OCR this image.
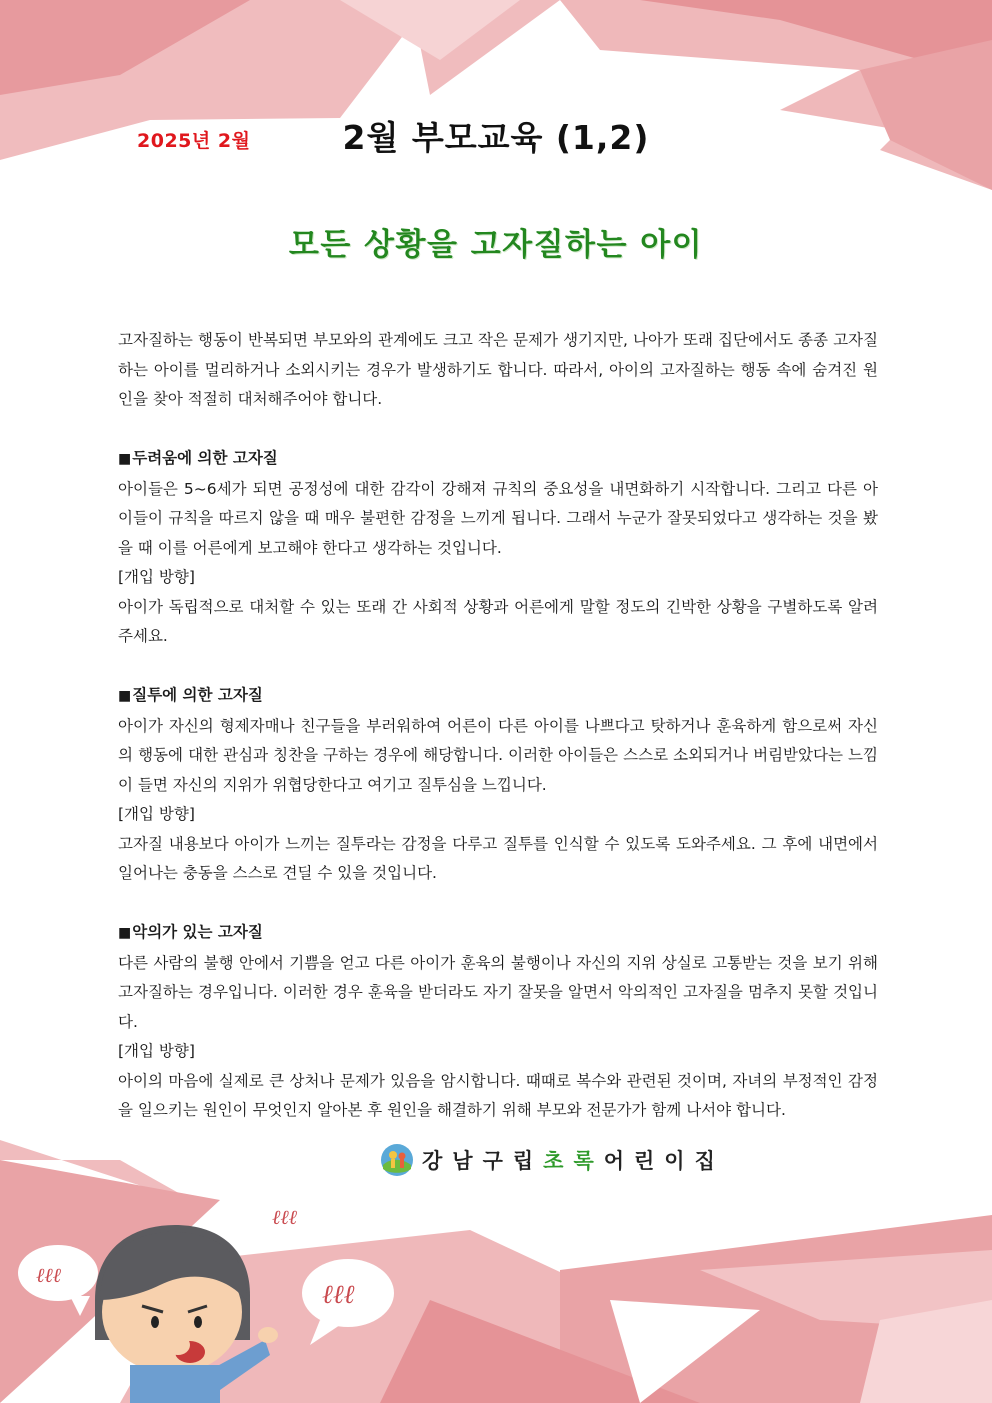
ℓℓℓ
ℓℓℓ
ℓℓℓ
2025년 2월	2월 부모교육 (1,2)
모든 상황을 고자질하는 아이

고자질하는 행동이 반복되면 부모와의 관계에도 크고 작은 문제가 생기지만, 나아가 또래 집단에서도 종종 고자질하는 아이를 멀리하거나 소외시키는 경우가 발생하기도 합니다. 따라서, 아이의 고자질하는 행동 속에 숨겨진 원인을 찾아 적절히 대처해주어야 합니다.

■두려움에 의한 고자질

아이들은 5~6세가 되면 공정성에 대한 감각이 강해져 규칙의 중요성을 내면화하기 시작합니다. 그리고 다른 아이들이 규칙을 따르지 않을 때 매우 불편한 감정을 느끼게 됩니다. 그래서 누군가 잘못되었다고 생각하는 것을 봤을 때 이를 어른에게 보고해야 한다고 생각하는 것입니다.

[개입 방향]

아이가 독립적으로 대처할 수 있는 또래 간 사회적 상황과 어른에게 말할 정도의 긴박한 상황을 구별하도록 알려주세요.

■질투에 의한 고자질

아이가 자신의 형제자매나 친구들을 부러워하여 어른이 다른 아이를 나쁘다고 탓하거나 훈육하게 함으로써 자신의 행동에 대한 관심과 칭찬을 구하는 경우에 해당합니다. 이러한 아이들은 스스로 소외되거나 버림받았다는 느낌이 들면 자신의 지위가 위협당한다고 여기고 질투심을 느낍니다.

[개입 방향]

고자질 내용보다 아이가 느끼는 질투라는 감정을 다루고 질투를 인식할 수 있도록 도와주세요. 그 후에 내면에서 일어나는 충동을 스스로 견딜 수 있을 것입니다.

■악의가 있는 고자질

다른 사람의 불행 안에서 기쁨을 얻고 다른 아이가 훈육의 불행이나 자신의 지위 상실로 고통받는 것을 보기 위해 고자질하는 경우입니다. 이러한 경우 훈육을 받더라도 자기 잘못을 알면서 악의적인 고자질을 멈추지 못할 것입니다.

[개입 방향]

아이의 마음에 실제로 큰 상처나 문제가 있음을 암시합니다. 때때로 복수와 관련된 것이며, 자녀의 부정적인 감정을 일으키는 원인이 무엇인지 알아본 후 원인을 해결하기 위해 부모와 전문가가 함께 나서야 합니다.

강남구립초록어린이집
